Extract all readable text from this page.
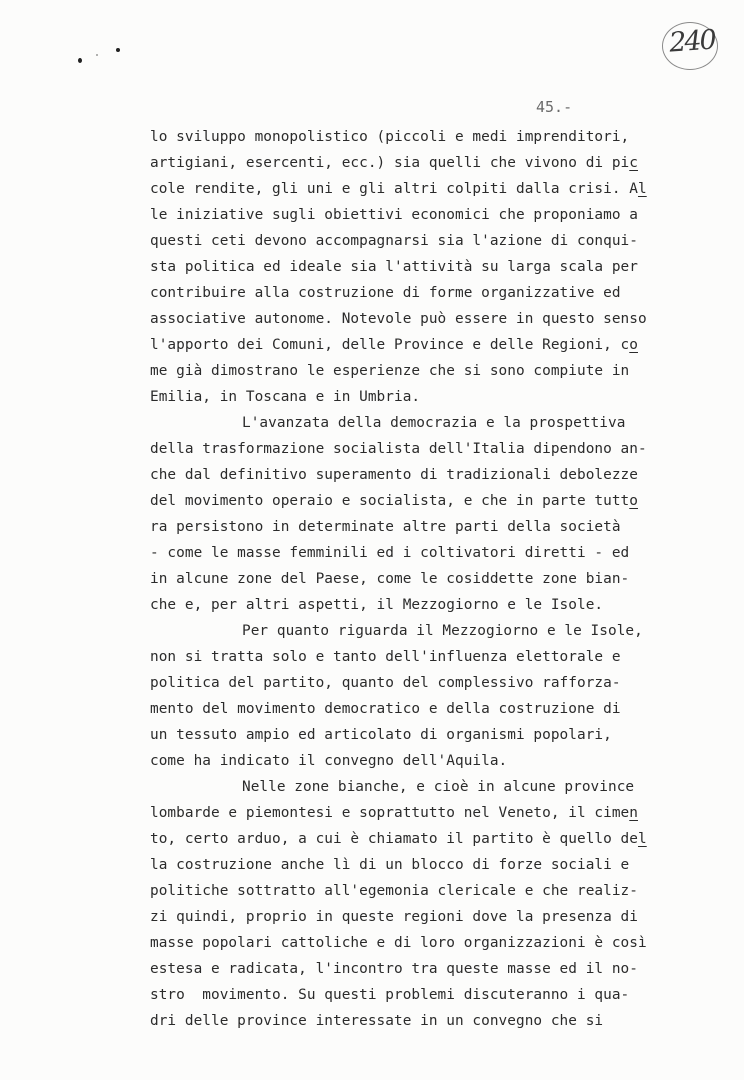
240
45.-
lo sviluppo monopolistico (piccoli e medi imprenditori,
artigiani, esercenti, ecc.) sia quelli che vivono di pic
cole rendite, gli uni e gli altri colpiti dalla crisi. Al
le iniziative sugli obiettivi economici che proponiamo a
questi ceti devono accompagnarsi sia l'azione di conqui-
sta politica ed ideale sia l'attività su larga scala per
contribuire alla costruzione di forme organizzative ed
associative autonome. Notevole può essere in questo senso
l'apporto dei Comuni, delle Province e delle Regioni, co
me già dimostrano le esperienze che si sono compiute in
Emilia, in Toscana e in Umbria.
L'avanzata della democrazia e la prospettiva
della trasformazione socialista dell'Italia dipendono an-
che dal definitivo superamento di tradizionali debolezze
del movimento operaio e socialista, e che in parte tutto
ra persistono in determinate altre parti della società
- come le masse femminili ed i coltivatori diretti - ed
in alcune zone del Paese, come le cosiddette zone bian-
che e, per altri aspetti, il Mezzogiorno e le Isole.
Per quanto riguarda il Mezzogiorno e le Isole,
non si tratta solo e tanto dell'influenza elettorale e
politica del partito, quanto del complessivo rafforza-
mento del movimento democratico e della costruzione di
un tessuto ampio ed articolato di organismi popolari,
come ha indicato il convegno dell'Aquila.
Nelle zone bianche, e cioè in alcune province
lombarde e piemontesi e soprattutto nel Veneto, il cimen
to, certo arduo, a cui è chiamato il partito è quello del
la costruzione anche lì di un blocco di forze sociali e
politiche sottratto all'egemonia clericale e che realiz-
zi quindi, proprio in queste regioni dove la presenza di
masse popolari cattoliche e di loro organizzazioni è così
estesa e radicata, l'incontro tra queste masse ed il no-
stro  movimento. Su questi problemi discuteranno i qua-
dri delle province interessate in un convegno che si
